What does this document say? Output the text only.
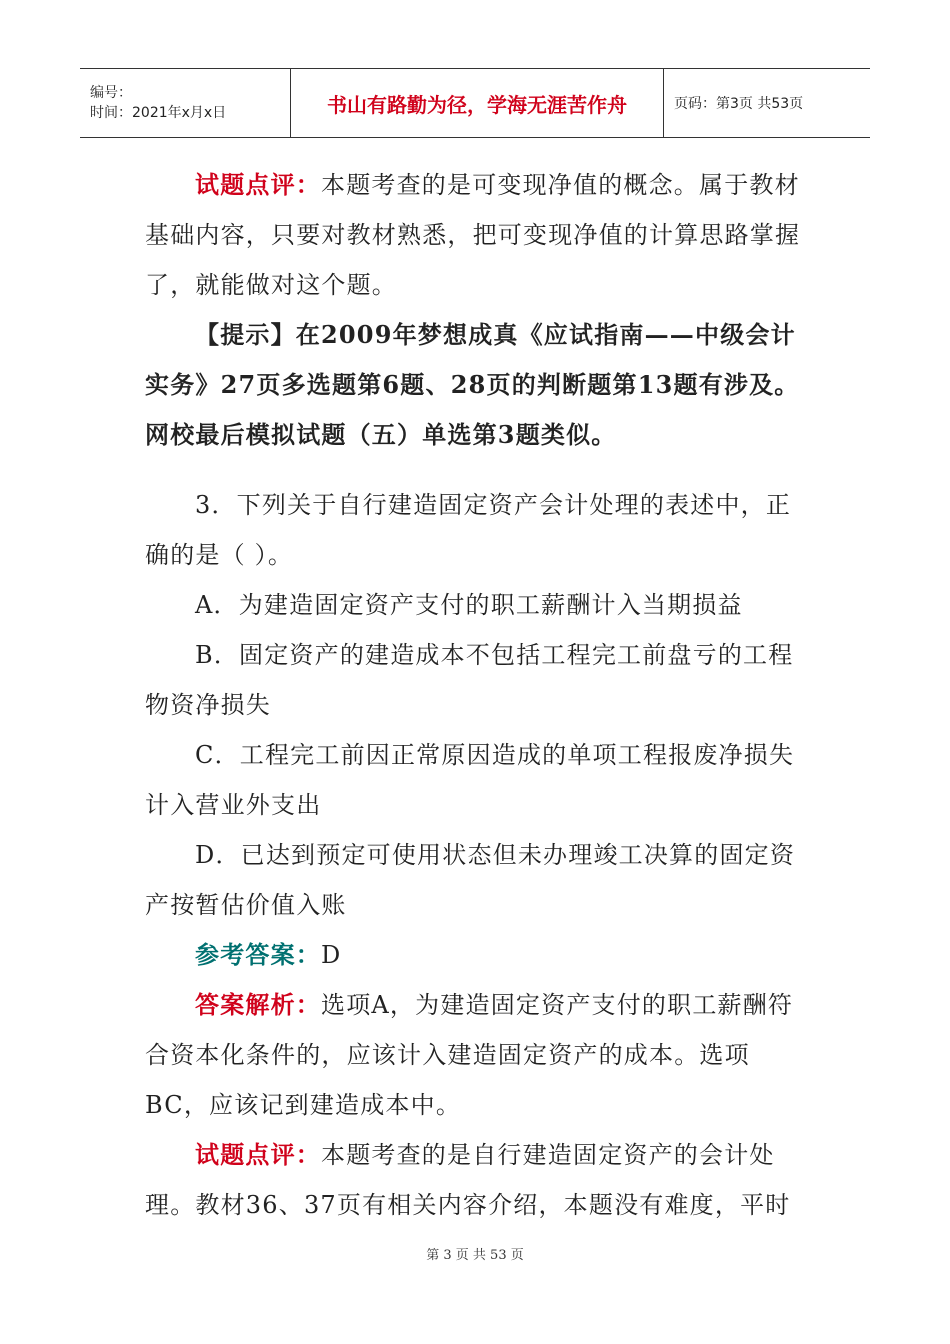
编号：
时间：2021年x月x日	书山有路勤为径，学海无涯苦作舟	页码：第3页 共53页

试题点评：本题考查的是可变现净值的概念。属于教材基础内容，只要对教材熟悉，把可变现净值的计算思路掌握了，就能做对这个题。

【提示】在2009年梦想成真《应试指南——中级会计实务》27页多选题第6题、28页的判断题第13题有涉及。网校最后模拟试题（五）单选第3题类似。

3．下列关于自行建造固定资产会计处理的表述中，正确的是（ ）。

A．为建造固定资产支付的职工薪酬计入当期损益

B．固定资产的建造成本不包括工程完工前盘亏的工程物资净损失

C．工程完工前因正常原因造成的单项工程报废净损失计入营业外支出

D．已达到预定可使用状态但未办理竣工决算的固定资产按暂估价值入账

参考答案：D

答案解析：选项A，为建造固定资产支付的职工薪酬符合资本化条件的，应该计入建造固定资产的成本。选项BC，应该记到建造成本中。

试题点评：本题考查的是自行建造固定资产的会计处理。教材36、37页有相关内容介绍，本题没有难度，平时

第 3 页 共 53 页
